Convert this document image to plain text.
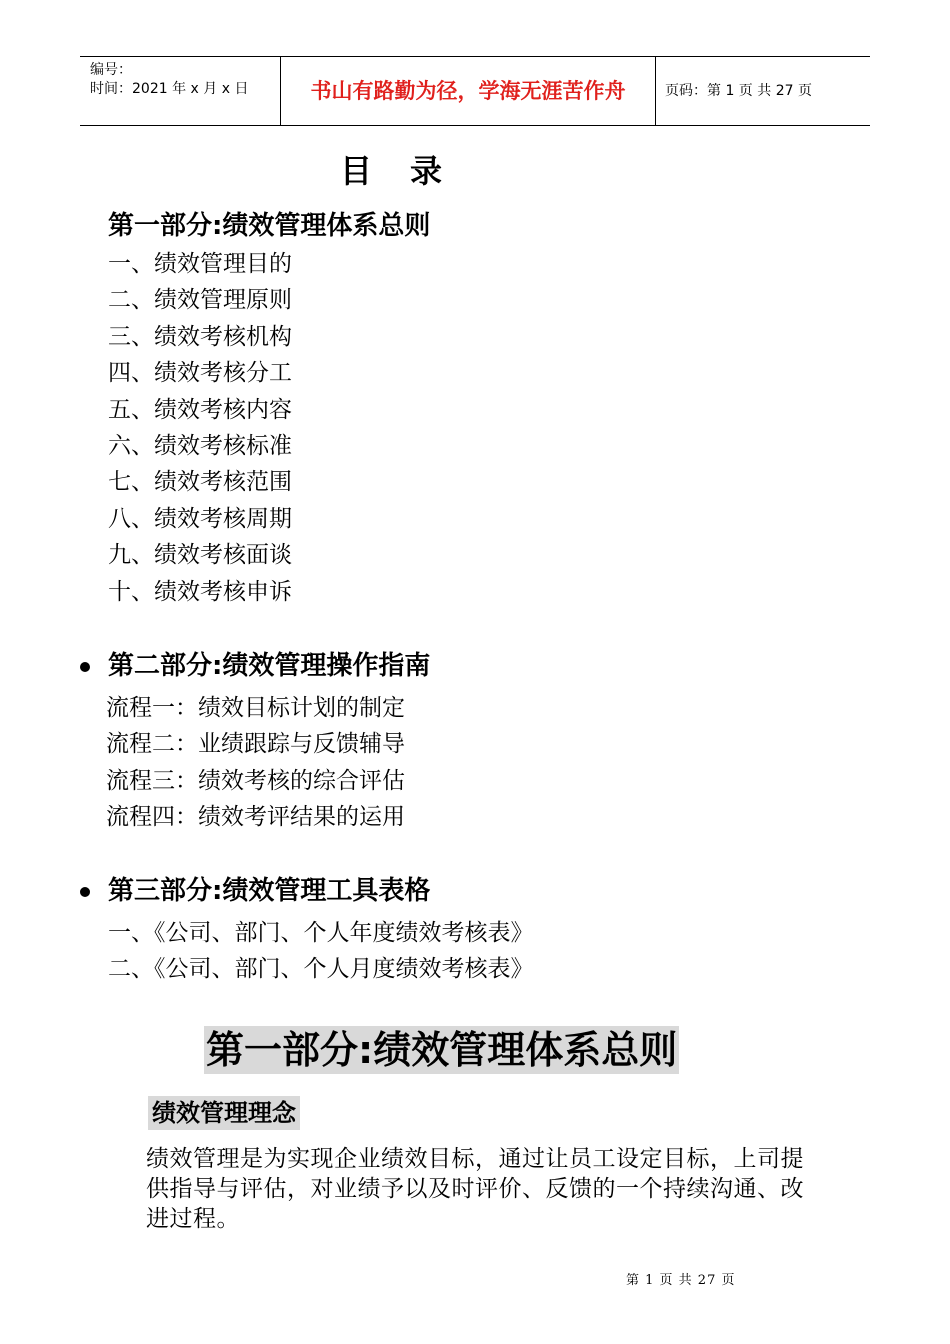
编号：
时间：2021 年 x 月 x 日	书山有路勤为径，学海无涯苦作舟	页码：第 1 页 共 27 页
目录
第一部分:绩效管理体系总则
一、绩效管理目的
二、绩效管理原则
三、绩效考核机构
四、绩效考核分工
五、绩效考核内容
六、绩效考核标准
七、绩效考核范围
八、绩效考核周期
九、绩效考核面谈
十、绩效考核申诉
第二部分:绩效管理操作指南
流程一：绩效目标计划的制定
流程二：业绩跟踪与反馈辅导
流程三：绩效考核的综合评估
流程四：绩效考评结果的运用
第三部分:绩效管理工具表格
一、《公司、部门、个人年度绩效考核表》
二、《公司、部门、个人月度绩效考核表》
第一部分:绩效管理体系总则
绩效管理理念
绩效管理是为实现企业绩效目标，通过让员工设定目标，上司提供指导与评估，对业绩予以及时评价、反馈的一个持续沟通、改进过程。
第 1 页 共 27 页
